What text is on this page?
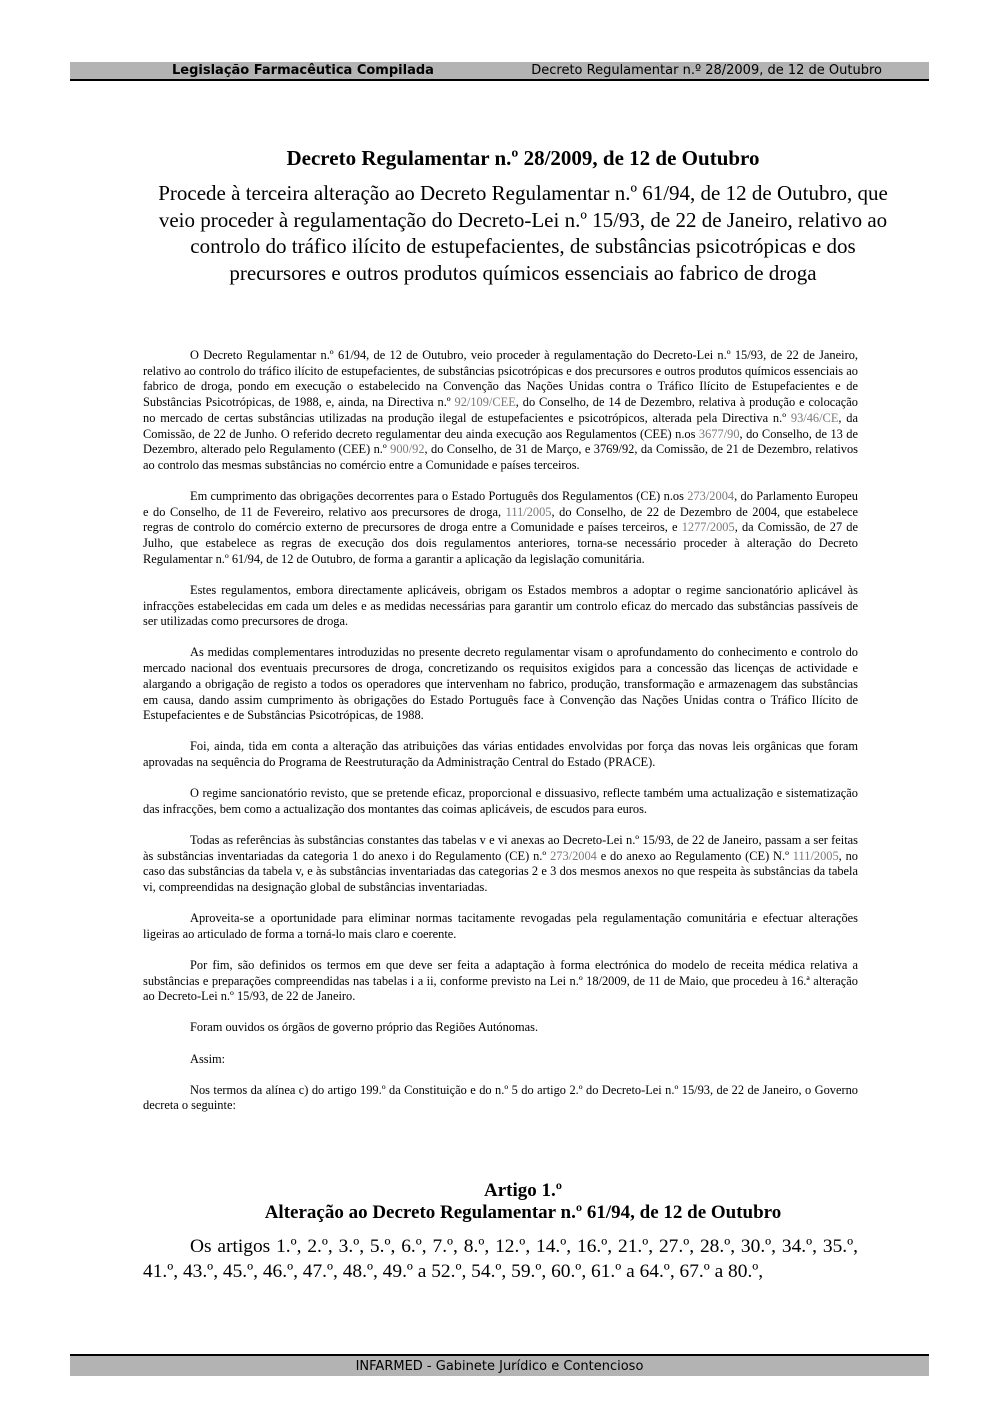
Legislação Farmacêutica Compilada	Decreto Regulamentar n.º 28/2009, de 12 de Outubro
Decreto Regulamentar n.º 28/2009, de 12 de Outubro

Procede à terceira alteração ao Decreto Regulamentar n.º 61/94, de 12 de Outubro, que veio proceder à regulamentação do Decreto-Lei n.º 15/93, de 22 de Janeiro, relativo ao controlo do tráfico ilícito de estupefacientes, de substâncias psicotrópicas e dos precursores e outros produtos químicos essenciais ao fabrico de droga

O Decreto Regulamentar n.º 61/94, de 12 de Outubro, veio proceder à regulamentação do Decreto-Lei n.º 15/93, de 22 de Janeiro, relativo ao controlo do tráfico ilícito de estupefacientes, de substâncias psicotrópicas e dos precursores e outros produtos químicos essenciais ao fabrico de droga, pondo em execução o estabelecido na Convenção das Nações Unidas contra o Tráfico Ilícito de Estupefacientes e de Substâncias Psicotrópicas, de 1988, e, ainda, na Directiva n.º 92/109/CEE, do Conselho, de 14 de Dezembro, relativa à produção e colocação no mercado de certas substâncias utilizadas na produção ilegal de estupefacientes e psicotrópicos, alterada pela Directiva n.º 93/46/CE, da Comissão, de 22 de Junho. O referido decreto regulamentar deu ainda execução aos Regulamentos (CEE) n.os 3677/90, do Conselho, de 13 de Dezembro, alterado pelo Regulamento (CEE) n.º 900/92, do Conselho, de 31 de Março, e 3769/92, da Comissão, de 21 de Dezembro, relativos ao controlo das mesmas substâncias no comércio entre a Comunidade e países terceiros.

Em cumprimento das obrigações decorrentes para o Estado Português dos Regulamentos (CE) n.os 273/2004, do Parlamento Europeu e do Conselho, de 11 de Fevereiro, relativo aos precursores de droga, 111/2005, do Conselho, de 22 de Dezembro de 2004, que estabelece regras de controlo do comércio externo de precursores de droga entre a Comunidade e países terceiros, e 1277/2005, da Comissão, de 27 de Julho, que estabelece as regras de execução dos dois regulamentos anteriores, torna-se necessário proceder à alteração do Decreto Regulamentar n.º 61/94, de 12 de Outubro, de forma a garantir a aplicação da legislação comunitária.

Estes regulamentos, embora directamente aplicáveis, obrigam os Estados membros a adoptar o regime sancionatório aplicável às infracções estabelecidas em cada um deles e as medidas necessárias para garantir um controlo eficaz do mercado das substâncias passíveis de ser utilizadas como precursores de droga.

As medidas complementares introduzidas no presente decreto regulamentar visam o aprofundamento do conhecimento e controlo do mercado nacional dos eventuais precursores de droga, concretizando os requisitos exigidos para a concessão das licenças de actividade e alargando a obrigação de registo a todos os operadores que intervenham no fabrico, produção, transformação e armazenagem das substâncias em causa, dando assim cumprimento às obrigações do Estado Português face à Convenção das Nações Unidas contra o Tráfico Ilícito de Estupefacientes e de Substâncias Psicotrópicas, de 1988.

Foi, ainda, tida em conta a alteração das atribuições das várias entidades envolvidas por força das novas leis orgânicas que foram aprovadas na sequência do Programa de Reestruturação da Administração Central do Estado (PRACE).

O regime sancionatório revisto, que se pretende eficaz, proporcional e dissuasivo, reflecte também uma actualização e sistematização das infracções, bem como a actualização dos montantes das coimas aplicáveis, de escudos para euros.

Todas as referências às substâncias constantes das tabelas v e vi anexas ao Decreto-Lei n.º 15/93, de 22 de Janeiro, passam a ser feitas às substâncias inventariadas da categoria 1 do anexo i do Regulamento (CE) n.º 273/2004 e do anexo ao Regulamento (CE) N.º 111/2005, no caso das substâncias da tabela v, e às substâncias inventariadas das categorias 2 e 3 dos mesmos anexos no que respeita às substâncias da tabela vi, compreendidas na designação global de substâncias inventariadas.

Aproveita-se a oportunidade para eliminar normas tacitamente revogadas pela regulamentação comunitária e efectuar alterações ligeiras ao articulado de forma a torná-lo mais claro e coerente.

Por fim, são definidos os termos em que deve ser feita a adaptação à forma electrónica do modelo de receita médica relativa a substâncias e preparações compreendidas nas tabelas i a ii, conforme previsto na Lei n.º 18/2009, de 11 de Maio, que procedeu à 16.ª alteração ao Decreto-Lei n.º 15/93, de 22 de Janeiro.

Foram ouvidos os órgãos de governo próprio das Regiões Autónomas.

Assim:

Nos termos da alínea c) do artigo 199.º da Constituição e do n.º 5 do artigo 2.º do Decreto-Lei n.º 15/93, de 22 de Janeiro, o Governo decreta o seguinte:

Artigo 1.º
Alteração ao Decreto Regulamentar n.º 61/94, de 12 de Outubro

Os artigos 1.º, 2.º, 3.º, 5.º, 6.º, 7.º, 8.º, 12.º, 14.º, 16.º, 21.º, 27.º, 28.º, 30.º, 34.º, 35.º, 41.º, 43.º, 45.º, 46.º, 47.º, 48.º, 49.º a 52.º, 54.º, 59.º, 60.º, 61.º a 64.º, 67.º a 80.º,

INFARMED - Gabinete Jurídico e Contencioso
